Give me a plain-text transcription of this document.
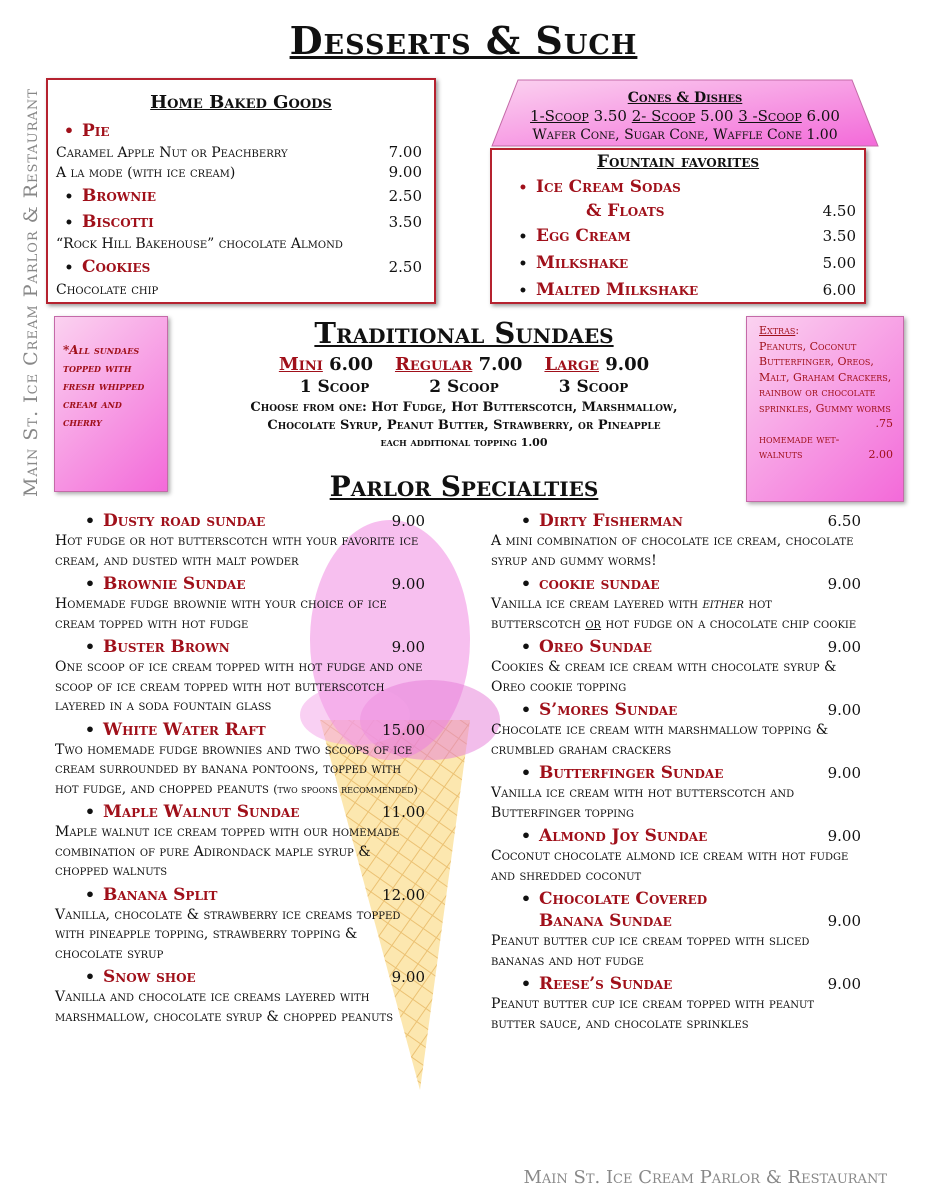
Desserts & Such
Main St. Ice Cream Parlor & Restaurant	Home Baked Goods
• Pie
Caramel Apple Nut or Peachberry	7.00
A la mode (with ice cream)	9.00
• Brownie	2.50
• Biscotti	3.50
“Rock Hill Bakehouse” chocolate Almond
• Cookies	2.50
Chocolate chip
Cones & Dishes
1-Scoop 3.50 2- Scoop 5.00 3 -Scoop 6.00
Wafer Cone, Sugar Cone, Waffle Cone 1.00
Fountain favorites
• Ice Cream Sodas
& Floats	4.50
• Egg Cream	3.50
• Milkshake	5.00
• Malted Milkshake	6.00
*All sundaes topped with fresh whipped cream and cherry
Traditional Sundaes
Mini 6.00 Regular 7.00 Large 9.00
1 Scoop	2 Scoop	3 Scoop
Choose from one: Hot Fudge, Hot Butterscotch, Marshmallow,
Chocolate Syrup, Peanut Butter, Strawberry, or Pineapple
each additional topping 1.00
Extras:
Peanuts, Coconut Butterfinger, Oreos, Malt, Graham Crackers, rainbow or chocolate sprinkles, Gummy worms
.75
homemade wet-walnuts	2.00
Parlor Specialties
• Dusty road sundae	9.00
Hot fudge or hot butterscotch with your favorite ice cream, and dusted with malt powder
• Brownie Sundae	9.00
Homemade fudge brownie with your choice of ice cream topped with hot fudge
• Buster Brown	9.00
One scoop of ice cream topped with hot fudge and one scoop of ice cream topped with hot butterscotch layered in a soda fountain glass
• White Water Raft	15.00
Two homemade fudge brownies and two scoops of ice cream surrounded by banana pontoons, topped with hot fudge, and chopped peanuts (two spoons recommended)
• Maple Walnut Sundae	11.00
Maple walnut ice cream topped with our homemade combination of pure Adirondack maple syrup & chopped walnuts
• Banana Split	12.00
Vanilla, chocolate & strawberry ice creams topped with pineapple topping, strawberry topping & chocolate syrup
• Snow shoe	9.00
Vanilla and chocolate ice creams layered with marshmallow, chocolate syrup & chopped peanuts
• Dirty Fisherman	6.50
A mini combination of chocolate ice cream, chocolate syrup and gummy worms!
• cookie sundae	9.00
Vanilla ice cream layered with either hot butterscotch or hot fudge on a chocolate chip cookie
• Oreo Sundae	9.00
Cookies & cream ice cream with chocolate syrup & Oreo cookie topping
• S’mores Sundae	9.00
Chocolate ice cream with marshmallow topping & crumbled graham crackers
• Butterfinger Sundae	9.00
Vanilla ice cream with hot butterscotch and Butterfinger topping
• Almond Joy Sundae	9.00
Coconut chocolate almond ice cream with hot fudge and shredded coconut
• Chocolate Covered
Banana Sundae	9.00
Peanut butter cup ice cream topped with sliced bananas and hot fudge
• Reese’s Sundae	9.00
Peanut butter cup ice cream topped with peanut butter sauce, and chocolate sprinkles
Main St. Ice Cream Parlor & Restaurant
